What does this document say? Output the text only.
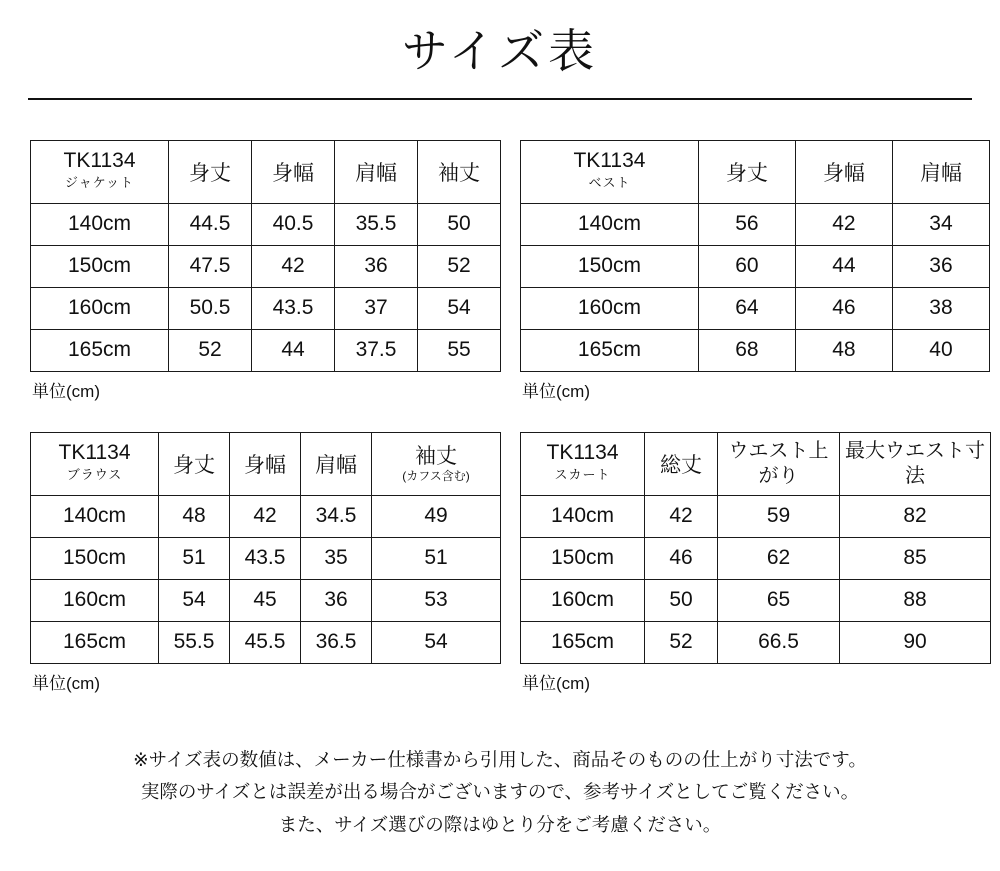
サイズ表
TK1134
ジャケット	身丈	身幅	肩幅	袖丈
140cm	44.5	40.5	35.5	50
150cm	47.5	42	36	52
160cm	50.5	43.5	37	54
165cm	52	44	37.5	55
単位(cm)
TK1134
ベスト	身丈	身幅	肩幅
140cm	56	42	34
150cm	60	44	36
160cm	64	46	38
165cm	68	48	40
単位(cm)
TK1134
ブラウス	身丈	身幅	肩幅	袖丈
(カフス含む)

140cm	48	42	34.5	49
150cm	51	43.5	35	51
160cm	54	45	36	53
165cm	55.5	45.5	36.5	54
単位(cm)
TK1134
スカート	総丈	ウエスト上がり	最大ウエスト寸法
140cm	42	59	82
150cm	46	62	85
160cm	50	65	88
165cm	52	66.5	90
単位(cm)

※サイズ表の数値は、メーカー仕様書から引用した、商品そのものの仕上がり寸法です。

実際のサイズとは誤差が出る場合がございますので、参考サイズとしてご覧ください。

また、サイズ選びの際はゆとり分をご考慮ください。
